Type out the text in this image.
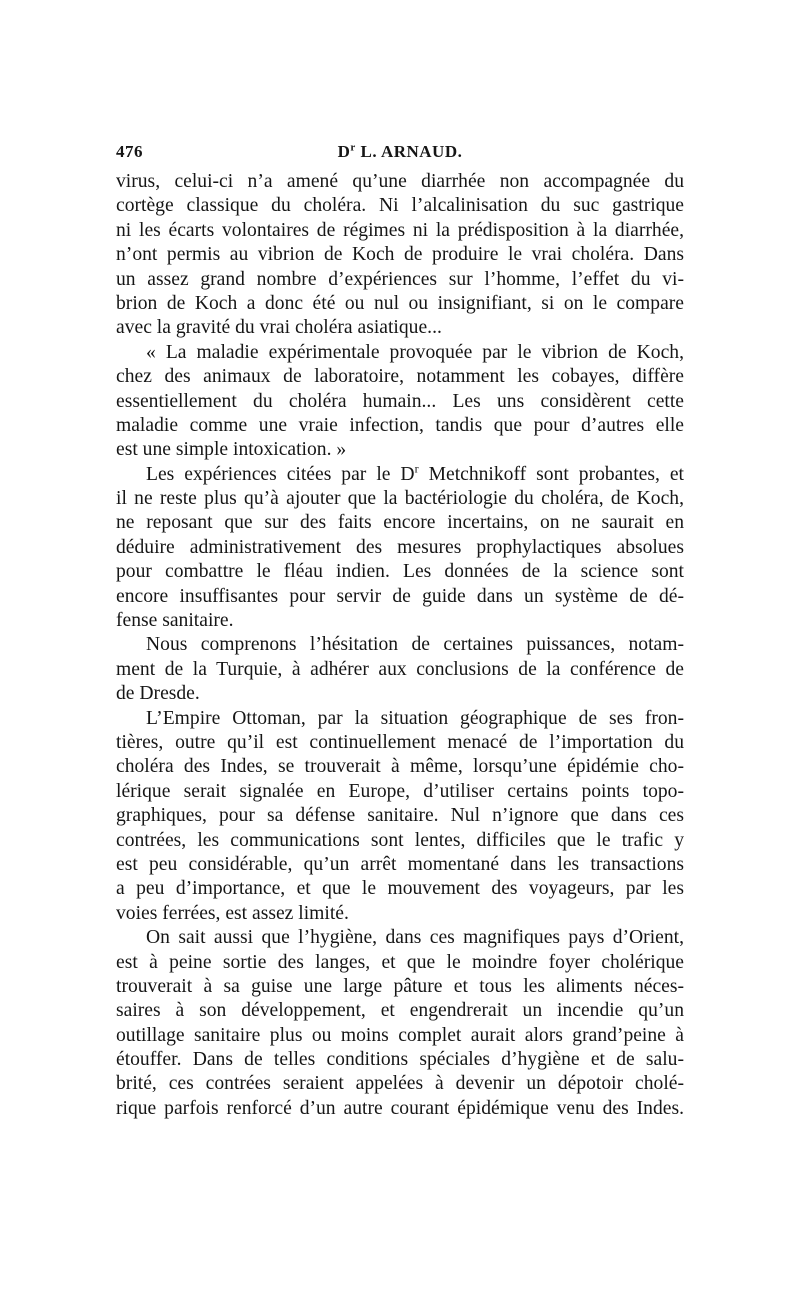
476	$D^r$ L. ARNAUD.
virus, celui-ci n’a amené qu’une diarrhée non accompagnée du
cortège classique du choléra. Ni l’alcalinisation du suc gastrique
ni les écarts volontaires de régimes ni la prédisposition à la diarrhée,
n’ont permis au vibrion de Koch de produire le vrai choléra. Dans
un assez grand nombre d’expériences sur l’homme, l’effet du vi-
brion de Koch a donc été ou nul ou insignifiant, si on le compare
avec la gravité du vrai choléra asiatique...
« La maladie expérimentale provoquée par le vibrion de Koch,
chez des animaux de laboratoire, notamment les cobayes, diffère
essentiellement du choléra humain... Les uns considèrent cette
maladie comme une vraie infection, tandis que pour d’autres elle
est une simple intoxication. »
Les expériences citées par le $D^r$ Metchnikoff sont probantes, et
il ne reste plus qu’à ajouter que la bactériologie du choléra, de Koch,
ne reposant que sur des faits encore incertains, on ne saurait en
déduire administrativement des mesures prophylactiques absolues
pour combattre le fléau indien. Les données de la science sont
encore insuffisantes pour servir de guide dans un système de dé-
fense sanitaire.
Nous comprenons l’hésitation de certaines puissances, notam-
ment de la Turquie, à adhérer aux conclusions de la conférence de
de Dresde.
L’Empire Ottoman, par la situation géographique de ses fron-
tières, outre qu’il est continuellement menacé de l’importation du
choléra des Indes, se trouverait à même, lorsqu’une épidémie cho-
lérique serait signalée en Europe, d’utiliser certains points topo-
graphiques, pour sa défense sanitaire. Nul n’ignore que dans ces
contrées, les communications sont lentes, difficiles que le trafic y
est peu considérable, qu’un arrêt momentané dans les transactions
a peu d’importance, et que le mouvement des voyageurs, par les
voies ferrées, est assez limité.
On sait aussi que l’hygiène, dans ces magnifiques pays d’Orient,
est à peine sortie des langes, et que le moindre foyer cholérique
trouverait à sa guise une large pâture et tous les aliments néces-
saires à son développement, et engendrerait un incendie qu’un
outillage sanitaire plus ou moins complet aurait alors grand’peine à
étouffer. Dans de telles conditions spéciales d’hygiène et de salu-
brité, ces contrées seraient appelées à devenir un dépotoir cholé-
rique parfois renforcé d’un autre courant épidémique venu des Indes.
